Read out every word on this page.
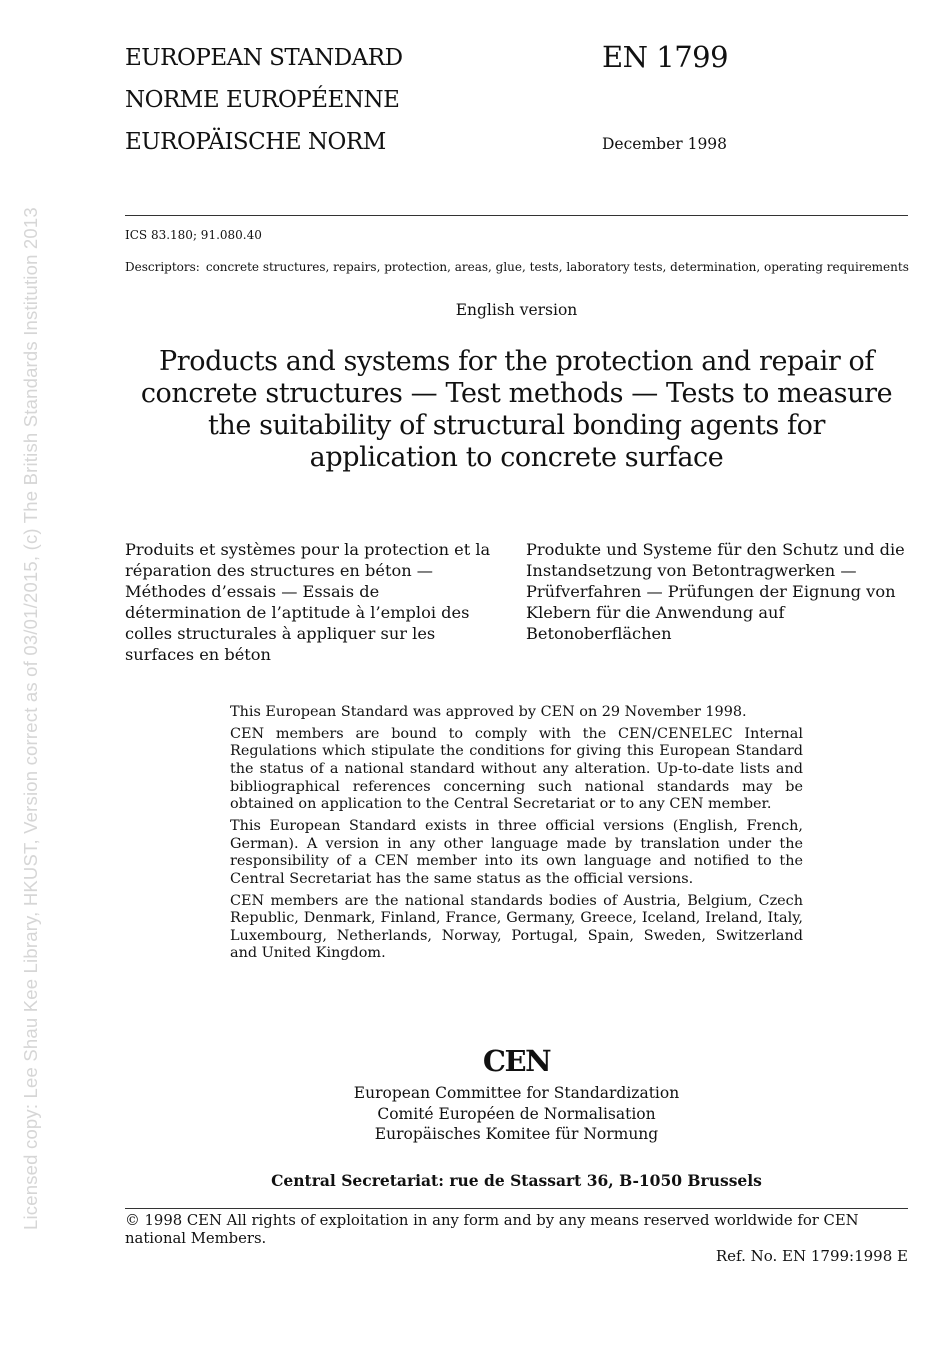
Licensed copy: Lee Shau Kee Library, HKUST, Version correct as of 03/01/2015, (c) The British Standards Institution 2013
EUROPEAN STANDARD
NORME EUROPÉENNE
EUROPÄISCHE NORM
EN 1799
December 1998
ICS 83.180; 91.080.40
Descriptors: concrete structures, repairs, protection, areas, glue, tests, laboratory tests, determination, operating requirements
English version
Products and systems for the protection and repair of concrete structures — Test methods — Tests to measure the suitability of structural bonding agents for application to concrete surface
Produits et systèmes pour la protection et la réparation des structures en béton — Méthodes d’essais — Essais de détermination de l’aptitude à l’emploi des colles structurales à appliquer sur les surfaces en béton
Produkte und Systeme für den Schutz und die Instandsetzung von Betontragwerken — Prüfverfahren — Prüfungen der Eignung von Klebern für die Anwendung auf Betonoberflächen

This European Standard was approved by CEN on 29 November 1998.

CEN members are bound to comply with the CEN/CENELEC Internal Regulations which stipulate the conditions for giving this European Standard the status of a national standard without any alteration. Up-to-date lists and bibliographical references concerning such national standards may be obtained on application to the Central Secretariat or to any CEN member.

This European Standard exists in three official versions (English, French, German). A version in any other language made by translation under the responsibility of a CEN member into its own language and notified to the Central Secretariat has the same status as the official versions.

CEN members are the national standards bodies of Austria, Belgium, Czech Republic, Denmark, Finland, France, Germany, Greece, Iceland, Ireland, Italy, Luxembourg, Netherlands, Norway, Portugal, Spain, Sweden, Switzerland and United Kingdom.

CEN
European Committee for Standardization
Comité Européen de Normalisation
Europäisches Komitee für Normung
Central Secretariat: rue de Stassart 36, B-1050 Brussels
© 1998 CEN All rights of exploitation in any form and by any means reserved worldwide for CEN national Members.
Ref. No. EN 1799:1998 E
